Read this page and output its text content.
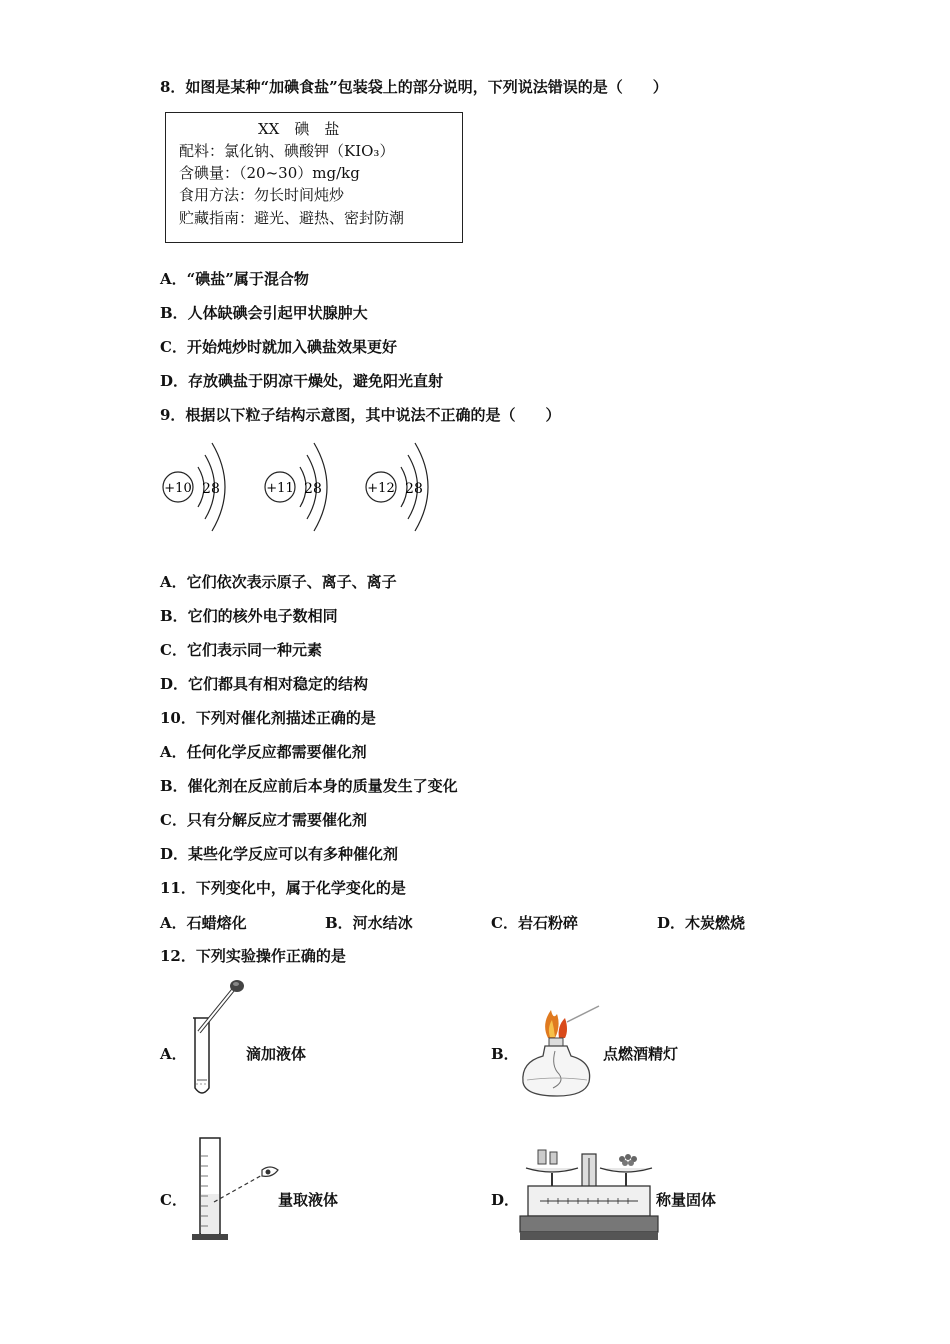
8．如图是某种“加碘食盐”包装袋上的部分说明，下列说法错误的是（　　）
XX　碘　盐
配料：氯化钠、碘酸钾（KIO₃）
含碘量：（20~30）mg/kg
食用方法：勿长时间炖炒
贮藏指南：避光、避热、密封防潮
A．“碘盐”属于混合物
B．人体缺碘会引起甲状腺肿大
C．开始炖炒时就加入碘盐效果更好
D．存放碘盐于阴凉干燥处，避免阳光直射
9．根据以下粒子结构示意图，其中说法不正确的是（　　）
+10 2 8	+11 2 8	+12 2 8
A．它们依次表示原子、离子、离子
B．它们的核外电子数相同
C．它们表示同一种元素
D．它们都具有相对稳定的结构
10．下列对催化剂描述正确的是
A．任何化学反应都需要催化剂
B．催化剂在反应前后本身的质量发生了变化
C．只有分解反应才需要催化剂
D．某些化学反应可以有多种催化剂
11．下列变化中，属于化学变化的是
A．石蜡熔化	B．河水结冰	C．岩石粉碎	D．木炭燃烧
12．下列实验操作正确的是
A．	滴加液体	B．	点燃酒精灯
C．	量取液体	D．	称量固体
